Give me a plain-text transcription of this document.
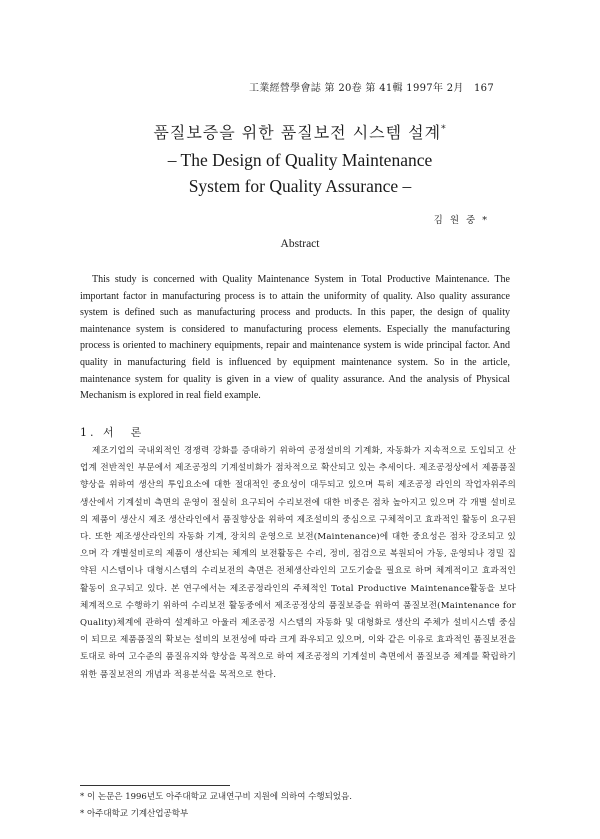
工業經營學會誌 第 20卷 第 41輯 1997年 2月　167
품질보증을 위한 품질보전 시스템 설계*
– The Design of Quality Maintenance
System for Quality Assurance –
김 원 중 *
Abstract

This study is concerned with Quality Maintenance System in Total Productive Maintenance. The important factor in manufacturing process is to attain the uniformity of quality. Also quality assurance system is defined such as manufacturing process and products. In this paper, the design of quality maintenance system is considered to manufacturing process elements. Especially the manufacturing process is oriented to machinery equipments, repair and maintenance system is wide principal factor. And quality in manufacturing field is influenced by equipment maintenance system. So in the article, maintenance system for quality is given in a view of quality assurance. And the analysis of Physical Mechanism is explored in real field example.

1. 서　론

제조기업의 국내외적인 경쟁력 강화를 증대하기 위하여 공정설비의 기계화, 자동화가 지속적으로 도입되고 산업계 전반적인 부문에서 제조공정의 기계설비화가 점차적으로 확산되고 있는 추세이다. 제조공정상에서 제품품질 향상을 위하여 생산의 투입요소에 대한 절대적인 중요성이 대두되고 있으며 특히 제조공정 라인의 작업자위주의 생산에서 기계설비 측면의 운영이 절실히 요구되어 수리보전에 대한 비중은 점차 높아지고 있으며 각 개별 설비로의 제품이 생산시 제조 생산라인에서 품질향상을 위하여 제조설비의 중심으로 구체적이고 효과적인 활동이 요구된다. 또한 제조생산라인의 자동화 기계, 장치의 운영으로 보전(Maintenance)에 대한 중요성은 점차 강조되고 있으며 각 개별설비로의 제품이 생산되는 체계의 보전활동은 수리, 정비, 점검으로 복원되어 가동, 운영되나 경밀 집약된 시스템이나 대형시스템의 수리보전의 측면은 전체생산라인의 고도기술을 필요로 하며 체계적이고 효과적인 활동이 요구되고 있다. 본 연구에서는 제조공정라인의 주체적인 Total Productive Maintenance활동을 보다 체계적으로 수행하기 위하여 수리보전 활동중에서 제조공정상의 품질보증을 위하여 품질보전(Maintenance for Quality)체계에 관하여 설계하고 아울러 제조공정 시스템의 자동화 및 대형화로 생산의 주체가 설비시스템 중심이 되므로 제품품질의 확보는 설비의 보전성에 따라 크게 좌우되고 있으며, 이와 같은 이유로 효과적인 품질보전을 토대로 하여 고수준의 품질유지와 향상을 목적으로 하여 제조공정의 기계설비 측면에서 품질보증 체계를 확립하기 위한 품질보전의 개념과 적용분석을 목적으로 한다.

* 이 논문은 1996년도 아주대학교 교내연구비 지원에 의하여 수행되었음.
* 아주대학교 기계산업공학부
